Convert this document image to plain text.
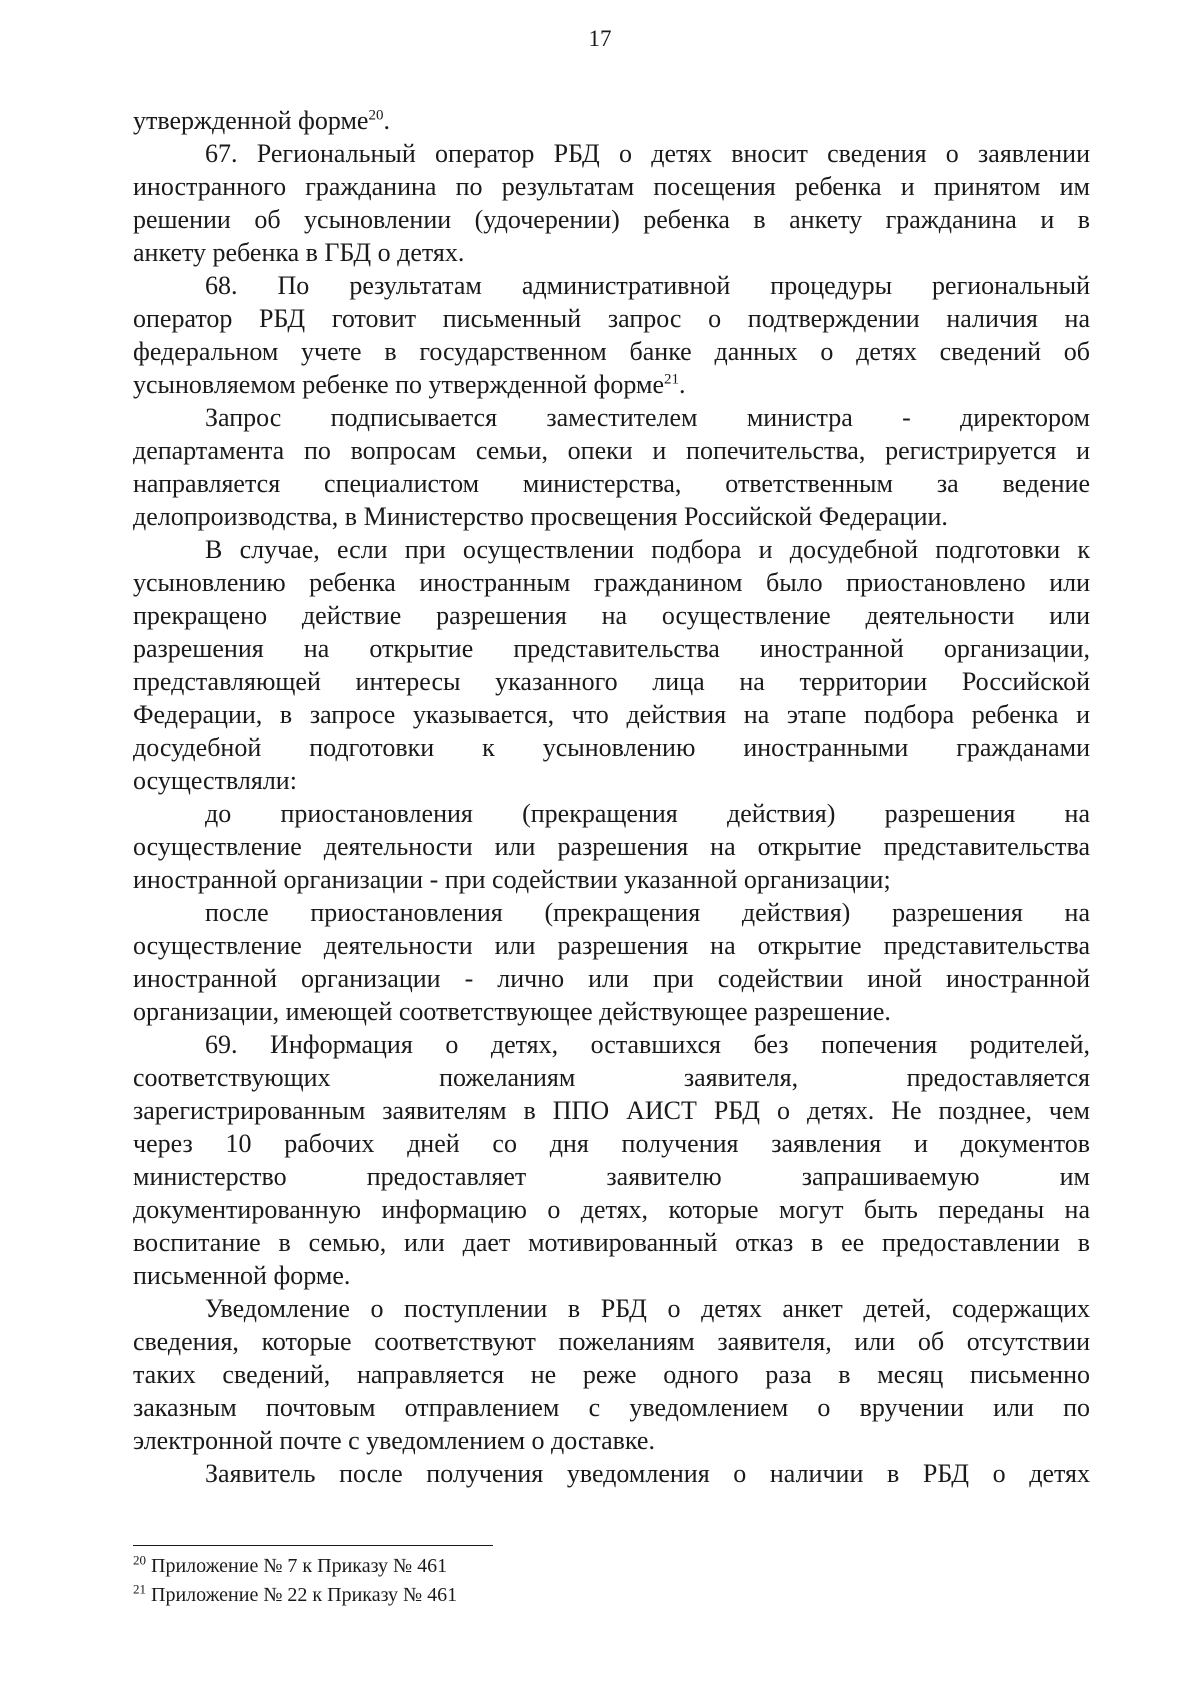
17
утвержденной форме$^{20}$.
67. Региональный оператор РБД о детях вносит сведения о заявлении
иностранного гражданина по результатам посещения ребенка и принятом им
решении об усыновлении (удочерении) ребенка в анкету гражданина и в
анкету ребенка в ГБД о детях.
68. По результатам административной процедуры региональный
оператор РБД готовит письменный запрос о подтверждении наличия на
федеральном учете в государственном банке данных о детях сведений об
усыновляемом ребенке по утвержденной форме$^{21}$.
Запрос подписывается заместителем министра - директором
департамента по вопросам семьи, опеки и попечительства, регистрируется и
направляется специалистом министерства, ответственным за ведение
делопроизводства, в Министерство просвещения Российской Федерации.
В случае, если при осуществлении подбора и досудебной подготовки к
усыновлению ребенка иностранным гражданином было приостановлено или
прекращено действие разрешения на осуществление деятельности или
разрешения на открытие представительства иностранной организации,
представляющей интересы указанного лица на территории Российской
Федерации, в запросе указывается, что действия на этапе подбора ребенка и
досудебной подготовки к усыновлению иностранными гражданами
осуществляли:
до приостановления (прекращения действия) разрешения на
осуществление деятельности или разрешения на открытие представительства
иностранной организации - при содействии указанной организации;
после приостановления (прекращения действия) разрешения на
осуществление деятельности или разрешения на открытие представительства
иностранной организации - лично или при содействии иной иностранной
организации, имеющей соответствующее действующее разрешение.
69. Информация о детях, оставшихся без попечения родителей,
соответствующих пожеланиям заявителя, предоставляется
зарегистрированным заявителям в ППО АИСТ РБД о детях. Не позднее, чем
через 10 рабочих дней со дня получения заявления и документов
министерство предоставляет заявителю запрашиваемую им
документированную информацию о детях, которые могут быть переданы на
воспитание в семью, или дает мотивированный отказ в ее предоставлении в
письменной форме.
Уведомление о поступлении в РБД о детях анкет детей, содержащих
сведения, которые соответствуют пожеланиям заявителя, или об отсутствии
таких сведений, направляется не реже одного раза в месяц письменно
заказным почтовым отправлением с уведомлением о вручении или по
электронной почте с уведомлением о доставке.
Заявитель после получения уведомления о наличии в РБД о детях
$^{20}$ Приложение № 7 к Приказу № 461
$^{21}$ Приложение № 22 к Приказу № 461
